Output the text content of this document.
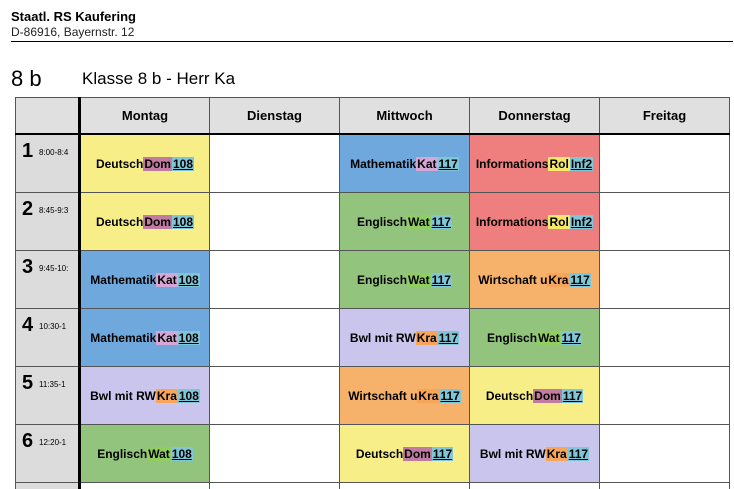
Staatl. RS Kaufering
D-86916, Bayernstr. 12
8 b Klasse 8 b - Herr Ka
	Montag	Dienstag	Mittwoch	Donnerstag	Freitag

1 8:00-8:4	DeutschDom 108		MathematikKat 117	InformationsRol Inf2	

2 8:45-9:3	DeutschDom 108		EnglischWat 117	InformationsRol Inf2	

3 9:45-10:	MathematikKat 108		EnglischWat 117	Wirtschaft uKra 117	

4 10:30-1	MathematikKat 108		Bwl mit RWKra 117	EnglischWat 117	

5 11:35-1	Bwl mit RWKra 108		Wirtschaft uKra 117	DeutschDom 117	

6 12:20-1	EnglischWat 108		DeutschDom 117	Bwl mit RWKra 117	
